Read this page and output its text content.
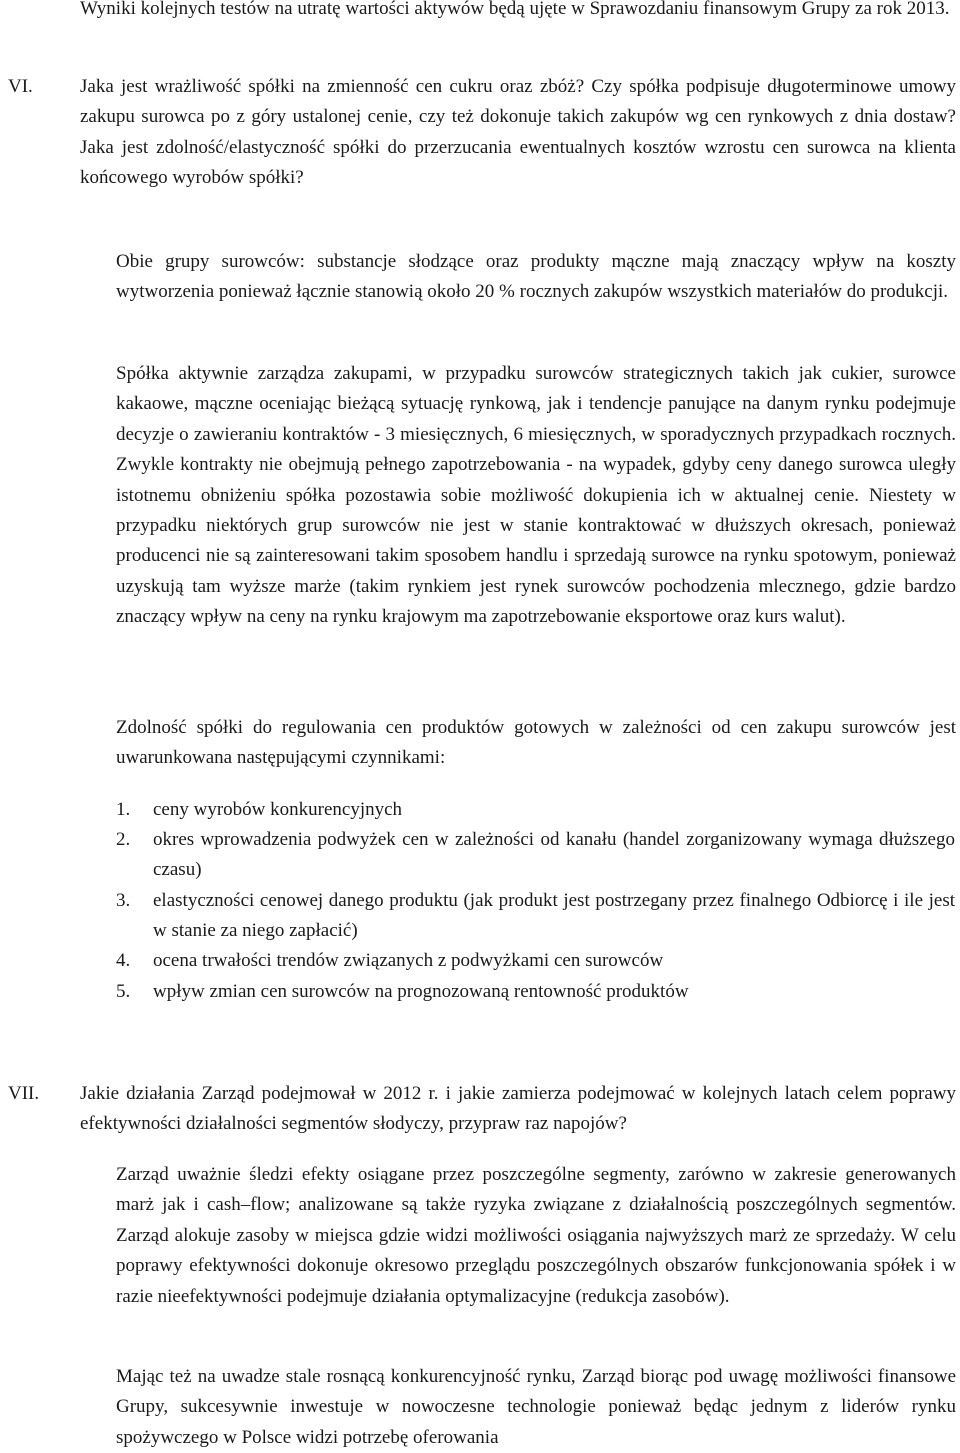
Wyniki kolejnych testów na utratę wartości aktywów będą ujęte w Sprawozdaniu finansowym Grupy za rok 2013.

VI. Jaka jest wrażliwość spółki na zmienność cen cukru oraz zbóż? Czy spółka podpisuje długoterminowe umowy zakupu surowca po z góry ustalonej cenie, czy też dokonuje takich zakupów wg cen rynkowych z dnia dostaw? Jaka jest zdolność/elastyczność spółki do przerzucania ewentualnych kosztów wzrostu cen surowca na klienta końcowego wyrobów spółki?

Obie grupy surowców: substancje słodzące oraz produkty mączne mają znaczący wpływ na koszty wytworzenia ponieważ łącznie stanowią około 20 % rocznych zakupów wszystkich materiałów do produkcji.

Spółka aktywnie zarządza zakupami, w przypadku surowców strategicznych takich jak cukier, surowce kakaowe, mączne oceniając bieżącą sytuację rynkową, jak i tendencje panujące na danym rynku podejmuje decyzje o zawieraniu kontraktów - 3 miesięcznych, 6 miesięcznych, w sporadycznych przypadkach rocznych. Zwykle kontrakty nie obejmują pełnego zapotrzebowania - na wypadek, gdyby ceny danego surowca uległy istotnemu obniżeniu spółka pozostawia sobie możliwość dokupienia ich w aktualnej cenie. Niestety w przypadku niektórych grup surowców nie jest w stanie kontraktować w dłuższych okresach, ponieważ producenci nie są zainteresowani takim sposobem handlu i sprzedają surowce na rynku spotowym, ponieważ uzyskują tam wyższe marże (takim rynkiem jest rynek surowców pochodzenia mlecznego, gdzie bardzo znaczący wpływ na ceny na rynku krajowym ma zapotrzebowanie eksportowe oraz kurs walut).

Zdolność spółki do regulowania cen produktów gotowych w zależności od cen zakupu surowców jest uwarunkowana następującymi czynnikami:

1. ceny wyrobów konkurencyjnych
2. okres wprowadzenia podwyżek cen w zależności od kanału (handel zorganizowany wymaga dłuższego czasu)
3. elastyczności cenowej danego produktu (jak produkt jest postrzegany przez finalnego Odbiorcę i ile jest w stanie za niego zapłacić)
4. ocena trwałości trendów związanych z podwyżkami cen surowców
5. wpływ zmian cen surowców na prognozowaną rentowność produktów
VII. Jakie działania Zarząd podejmował w 2012 r. i jakie zamierza podejmować w kolejnych latach celem poprawy efektywności działalności segmentów słodyczy, przypraw raz napojów?

Zarząd uważnie śledzi efekty osiągane przez poszczególne segmenty, zarówno w zakresie generowanych marż jak i cash–flow; analizowane są także ryzyka związane z działalnością poszczególnych segmentów. Zarząd alokuje zasoby w miejsca gdzie widzi możliwości osiągania najwyższych marż ze sprzedaży. W celu poprawy efektywności dokonuje okresowo przeglądu poszczególnych obszarów funkcjonowania spółek i w razie nieefektywności podejmuje działania optymalizacyjne (redukcja zasobów).

Mając też na uwadze stale rosnącą konkurencyjność rynku, Zarząd biorąc pod uwagę możliwości finansowe Grupy, sukcesywnie inwestuje w nowoczesne technologie ponieważ będąc jednym z liderów rynku spożywczego w Polsce widzi potrzebę oferowania
